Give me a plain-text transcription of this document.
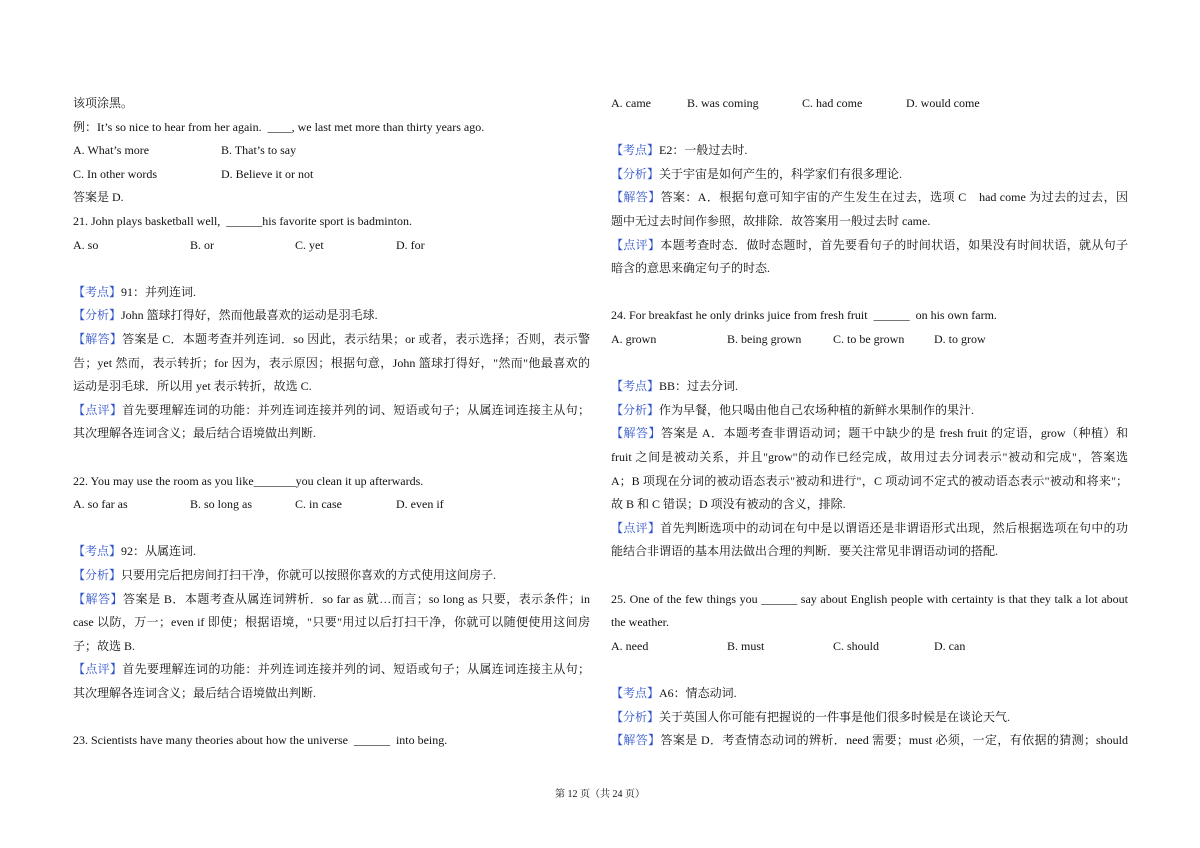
该项涂黑。
例：It’s so nice to hear from her again.  ____, we last met more than thirty years ago.

A. What’s more

	B. That’s to say

C. In other words

	D. Believe it or not

答案是 D.
21. John plays basketball well,  ______his favorite sport is badminton.

A. so

	B. or

	C. yet

	D. for

【考点】91：并列连词.
【分析】John 篮球打得好，然而他最喜欢的运动是羽毛球.
【解答】答案是 C．本题考查并列连词．so 因此，表示结果；or 或者，表示选择；否则，表示警
告；yet 然而，表示转折；for 因为，表示原因；根据句意，John 篮球打得好，"然而"他最喜欢的
运动是羽毛球．所以用 yet 表示转折，故选 C.
【点评】首先要理解连词的功能：并列连词连接并列的词、短语或句子；从属连词连接主从句；
其次理解各连词含义；最后结合语境做出判断.
22. You may use the room as you like_______you clean it up afterwards.

A. so far as

	B. so long as

	C. in case

	D. even if

【考点】92：从属连词.
【分析】只要用完后把房间打扫干净，你就可以按照你喜欢的方式使用这间房子.
【解答】答案是 B．本题考查从属连词辨析．so far as 就…而言；so long as 只要，表示条件；in
case 以防，万一；even if 即使；根据语境，"只要"用过以后打扫干净，你就可以随便使用这间房
子；故选 B.
【点评】首先要理解连词的功能：并列连词连接并列的词、短语或句子；从属连词连接主从句；
其次理解各连词含义；最后结合语境做出判断.
23. Scientists have many theories about how the universe  ______  into being.

A. came

	B. was coming

	C. had come

	D. would come

【考点】E2：一般过去时.
【分析】关于宇宙是如何产生的，科学家们有很多理论.
【解答】答案：A．根据句意可知宇宙的产生发生在过去，选项 C　had come 为过去的过去，因
题中无过去时间作参照，故排除．故答案用一般过去时 came.
【点评】本题考查时态．做时态题时，首先要看句子的时间状语，如果没有时间状语，就从句子
暗含的意思来确定句子的时态.
24. For breakfast he only drinks juice from fresh fruit  ______  on his own farm.

A. grown

	B. being grown

	C. to be grown

D. to grow

【考点】BB：过去分词.
【分析】作为早餐，他只喝由他自己农场种植的新鲜水果制作的果汁.
【解答】答案是 A．本题考查非谓语动词；题干中缺少的是 fresh fruit 的定语，grow（种植）和
fruit 之间是被动关系，并且"grow"的动作已经完成，故用过去分词表示"被动和完成"，答案选
A；B 项现在分词的被动语态表示"被动和进行"，C 项动词不定式的被动语态表示"被动和将来"；
故 B 和 C 错误；D 项没有被动的含义，排除.
【点评】首先判断选项中的动词在句中是以谓语还是非谓语形式出现，然后根据选项在句中的功
能结合非谓语的基本用法做出合理的判断．要关注常见非谓语动词的搭配.
25. One of the few things you ______ say about English people with certainty is that they talk a lot about
the weather.

A. need

	B. must

	C. should

	D. can

【考点】A6：情态动词.
【分析】关于英国人你可能有把握说的一件事是他们很多时候是在谈论天气.
【解答】答案是 D．考查情态动词的辨析．need 需要；must 必须，一定，有依据的猜测；should
第 12 页（共 24 页）
